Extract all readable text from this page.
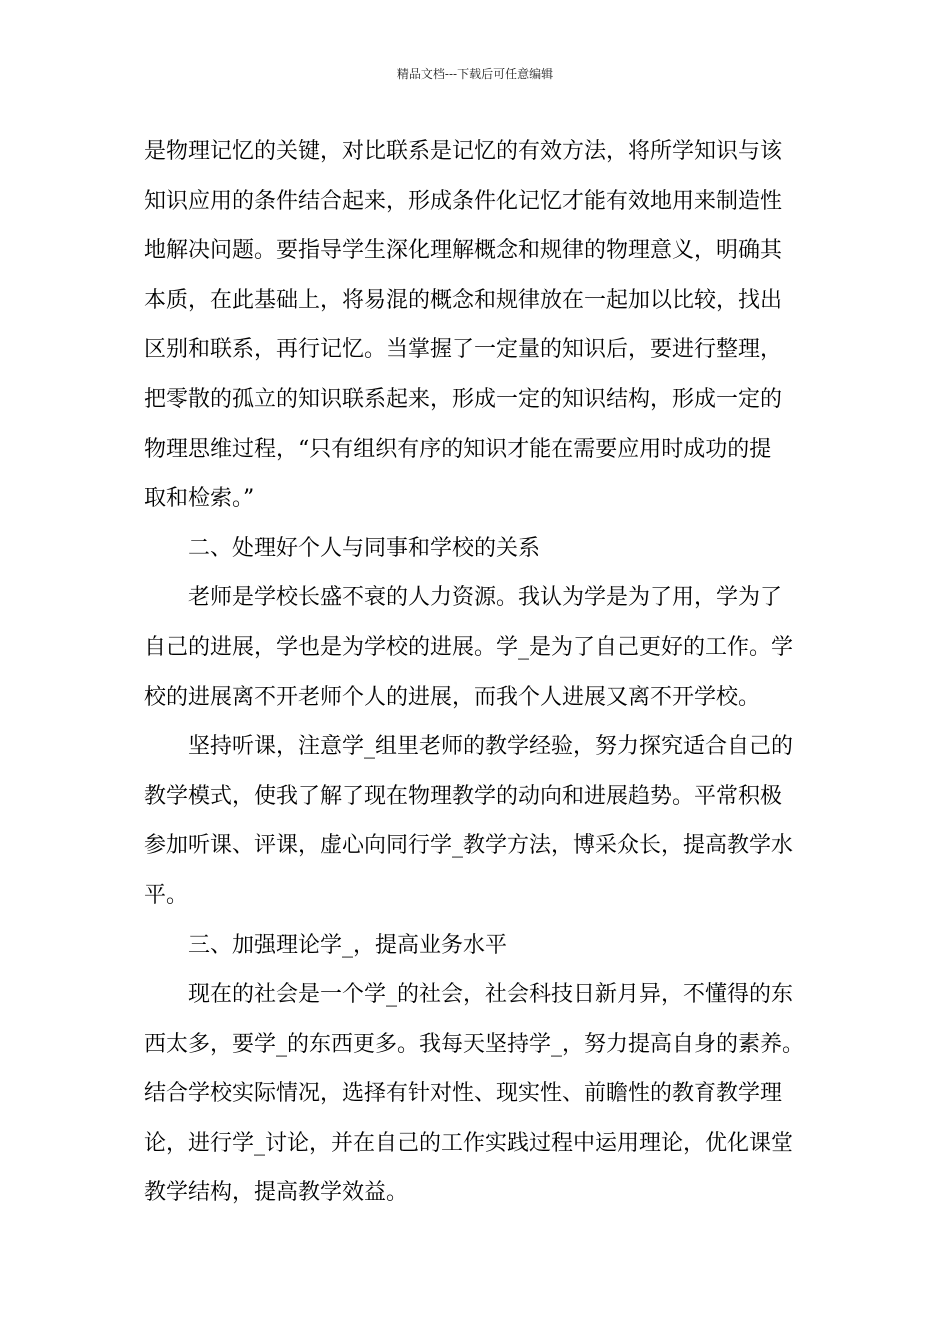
精品文档---下载后可任意编辑
是物理记忆的关键，对比联系是记忆的有效方法，将所学知识与该
知识应用的条件结合起来，形成条件化记忆才能有效地用来制造性
地解决问题。要指导学生深化理解概念和规律的物理意义，明确其
本质，在此基础上，将易混的概念和规律放在一起加以比较，找出
区别和联系，再行记忆。当掌握了一定量的知识后，要进行整理，
把零散的孤立的知识联系起来，形成一定的知识结构，形成一定的
物理思维过程，“只有组织有序的知识才能在需要应用时成功的提
取和检索。”
二、处理好个人与同事和学校的关系
老师是学校长盛不衰的人力资源。我认为学是为了用，学为了
自己的进展，学也是为学校的进展。学_是为了自己更好的工作。学
校的进展离不开老师个人的进展，而我个人进展又离不开学校。
坚持听课，注意学_组里老师的教学经验，努力探究适合自己的
教学模式，使我了解了现在物理教学的动向和进展趋势。平常积极
参加听课、评课，虚心向同行学_教学方法，博采众长，提高教学水
平。
三、加强理论学_，提高业务水平
现在的社会是一个学_的社会，社会科技日新月异，不懂得的东
西太多，要学_的东西更多。我每天坚持学_，努力提高自身的素养。
结合学校实际情况，选择有针对性、现实性、前瞻性的教育教学理
论，进行学_讨论，并在自己的工作实践过程中运用理论，优化课堂
教学结构，提高教学效益。
